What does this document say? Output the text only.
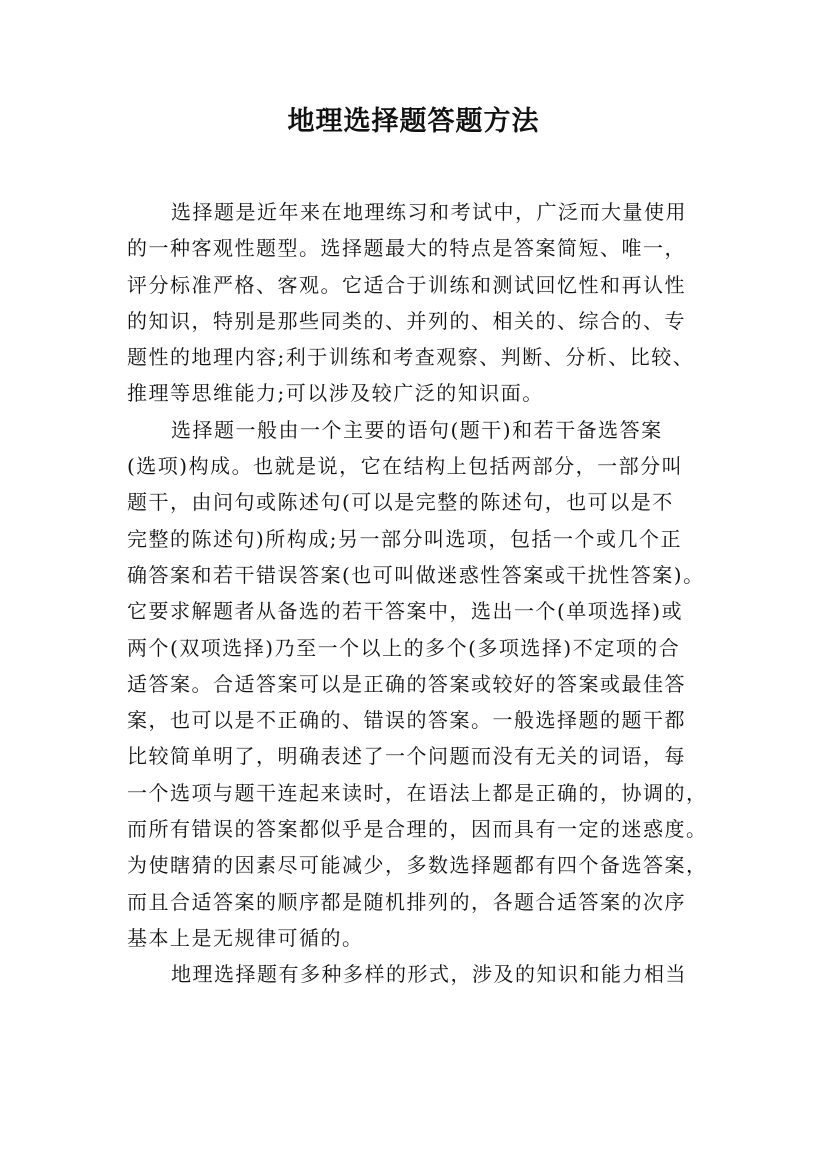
地理选择题答题方法

选择题是近年来在地理练习和考试中，广泛而大量使用

的一种客观性题型。选择题最大的特点是答案简短、唯一，

评分标准严格、客观。它适合于训练和测试回忆性和再认性

的知识，特别是那些同类的、并列的、相关的、综合的、专

题性的地理内容;利于训练和考查观察、判断、分析、比较、

推理等思维能力;可以涉及较广泛的知识面。

选择题一般由一个主要的语句(题干)和若干备选答案

(选项)构成。也就是说，它在结构上包括两部分，一部分叫

题干，由问句或陈述句(可以是完整的陈述句，也可以是不

完整的陈述句)所构成;另一部分叫选项，包括一个或几个正

确答案和若干错误答案(也可叫做迷惑性答案或干扰性答案)。

它要求解题者从备选的若干答案中，选出一个(单项选择)或

两个(双项选择)乃至一个以上的多个(多项选择)不定项的合

适答案。合适答案可以是正确的答案或较好的答案或最佳答

案，也可以是不正确的、错误的答案。一般选择题的题干都

比较简单明了，明确表述了一个问题而没有无关的词语，每

一个选项与题干连起来读时，在语法上都是正确的，协调的，

而所有错误的答案都似乎是合理的，因而具有一定的迷惑度。

为使瞎猜的因素尽可能减少，多数选择题都有四个备选答案，

而且合适答案的顺序都是随机排列的，各题合适答案的次序

基本上是无规律可循的。

地理选择题有多种多样的形式，涉及的知识和能力相当
